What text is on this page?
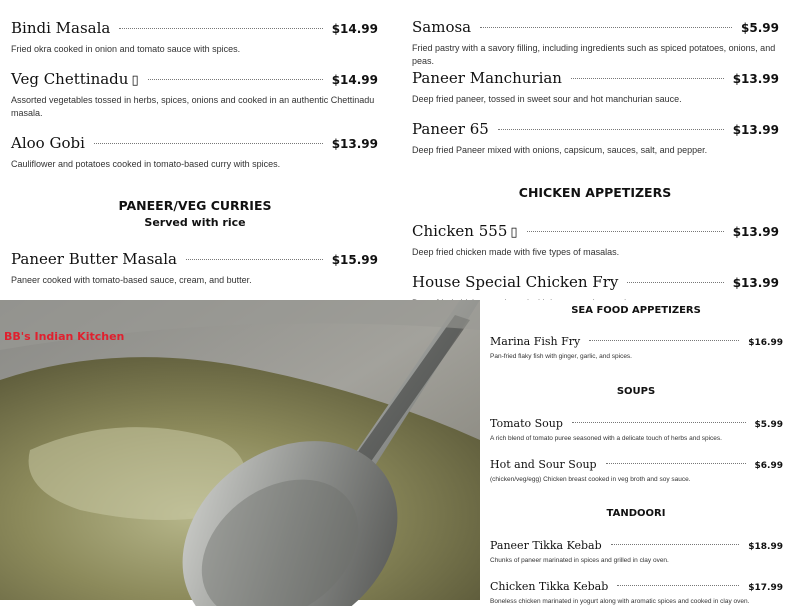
Bindi Masala	$14.99
Fried okra cooked in onion and tomato sauce with spices.
Veg Chettinadu ▯	$14.99
Assorted vegetables tossed in herbs, spices, onions and cooked in an authentic Chettinadu masala.
Aloo Gobi	$13.99
Cauliflower and potatoes cooked in tomato-based curry with spices.
PANEER/VEG CURRIES
Served with rice
Paneer Butter Masala	$15.99
Paneer cooked with tomato-based sauce, cream, and butter.
Samosa	$5.99
Fried pastry with a savory filling, including ingredients such as spiced potatoes, onions, and peas.
Paneer Manchurian	$13.99
Deep fried paneer, tossed in sweet sour and hot manchurian sauce.
Paneer 65	$13.99
Deep fried Paneer mixed with onions, capsicum, sauces, salt, and pepper.
CHICKEN APPETIZERS
Chicken 555 ▯	$13.99
Deep fried chicken made with five types of masalas.
House Special Chicken Fry	$13.99
BB's Indian Kitchen
SEA FOOD APPETIZERS
Marina Fish Fry	$16.99
Pan-fried flaky fish with ginger, garlic, and spices.
SOUPS
Tomato Soup	$5.99
A rich blend of tomato puree seasoned with a delicate touch of herbs and spices.
Hot and Sour Soup	$6.99
(chicken/veg/egg) Chicken breast cooked in veg broth and soy sauce.
TANDOORI
Paneer Tikka Kebab	$18.99
Chunks of paneer marinated in spices and grilled in clay oven.
Chicken Tikka Kebab	$17.99
Boneless chicken marinated in yogurt along with aromatic spices and cooked in clay oven.
